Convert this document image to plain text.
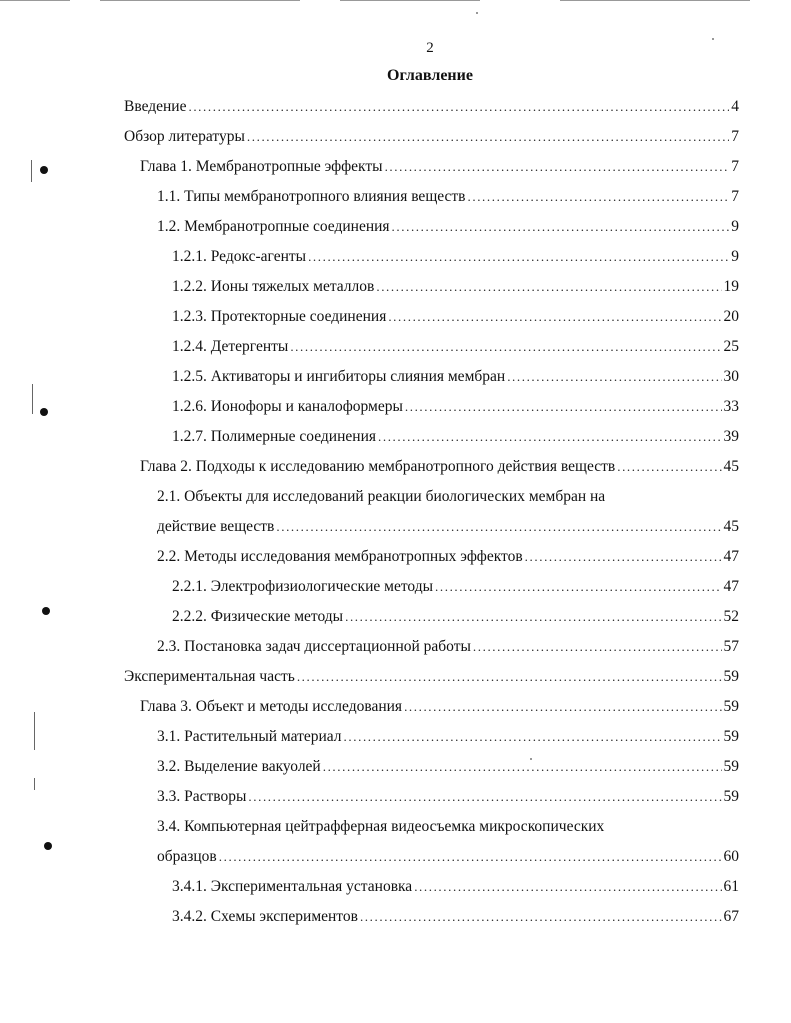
2
Оглавление
Введение .....	4
Обзор литературы .....	7
Глава 1. Мембранотропные эффекты .....	7
1.1. Типы мембранотропного влияния веществ .....	7
1.2. Мембранотропные соединения .....	9
1.2.1. Редокс-агенты .....	9
1.2.2. Ионы тяжелых металлов .....	19
1.2.3. Протекторные соединения .....	20
1.2.4. Детергенты .....	25
1.2.5. Активаторы и ингибиторы слияния мембран .....	30
1.2.6. Ионофоры и каналоформеры .....	33
1.2.7. Полимерные соединения .....	39
Глава 2. Подходы к исследованию мембранотропного действия веществ .....	45
2.1. Объекты для исследований реакции биологических мембран на
действие веществ .....	45
2.2. Методы исследования мембранотропных эффектов .....	47
2.2.1. Электрофизиологические методы .....	47
2.2.2. Физические методы .....	52
2.3. Постановка задач диссертационной работы .....	57
Экспериментальная часть .....	59
Глава 3. Объект и методы исследования .....	59
3.1. Растительный материал .....	59
3.2. Выделение вакуолей .....	59
3.3. Растворы .....	59
3.4. Компьютерная цейтрафферная видеосъемка микроскопических
образцов .....	60
3.4.1. Экспериментальная установка .....	61
3.4.2. Схемы экспериментов .....	67
